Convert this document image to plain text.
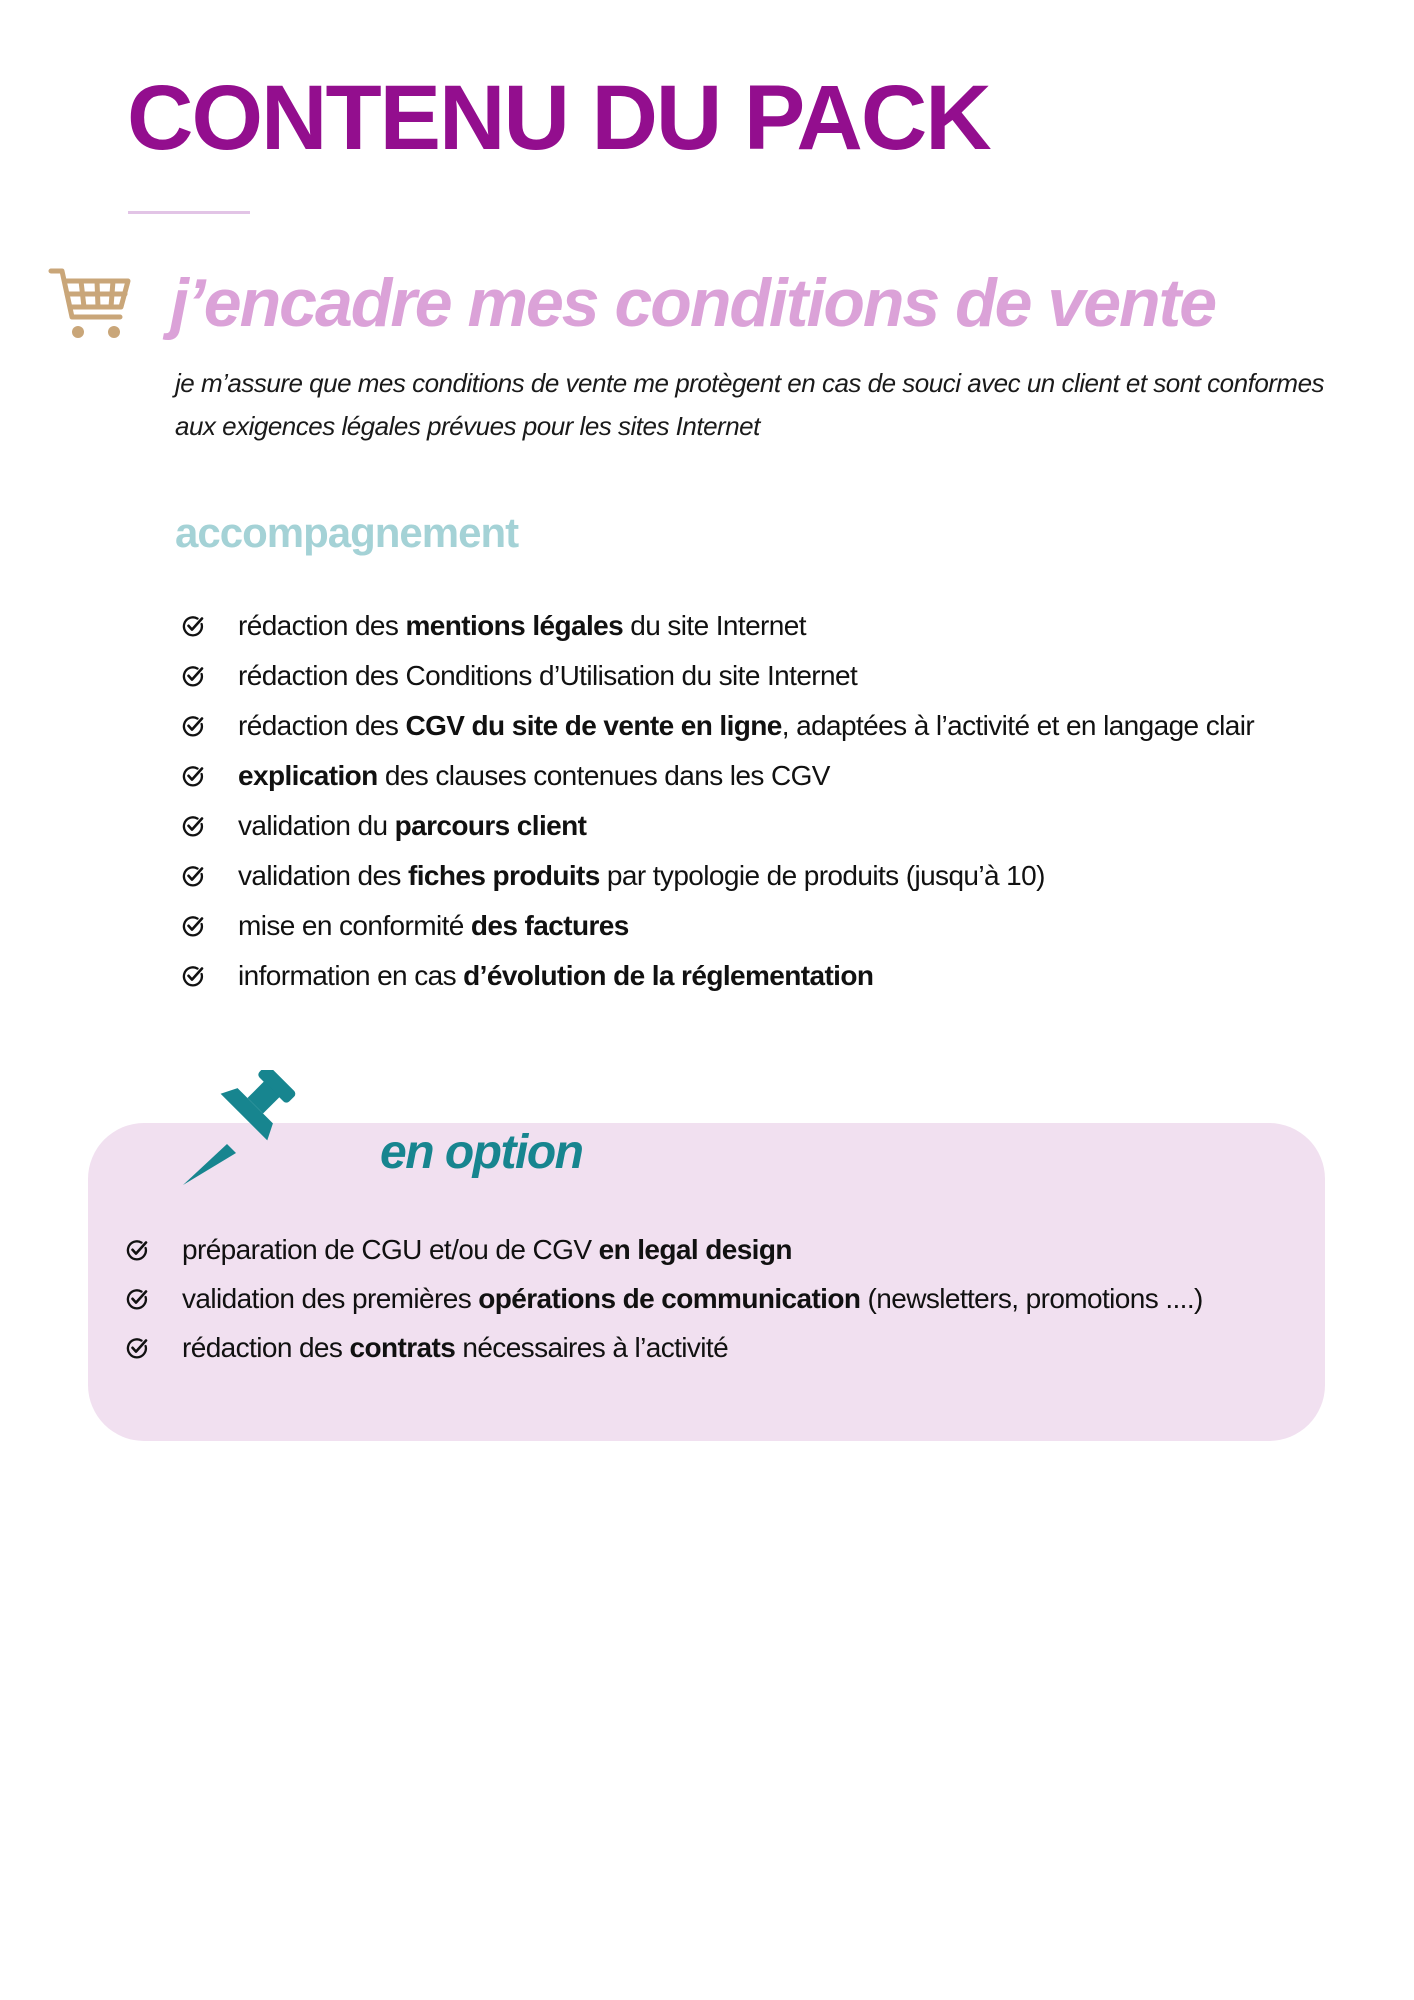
CONTENU DU PACK
j’encadre mes conditions de vente

je m’assure que mes conditions de vente me protègent en cas de souci avec un client et sont conformes aux exigences légales prévues pour les sites Internet

accompagnement
rédaction des mentions légales du site Internet
rédaction des Conditions d’Utilisation du site Internet
rédaction des CGV du site de vente en ligne , adaptées à l’activité et en langage clair
explication des clauses contenues dans les CGV
validation du parcours client
validation des fiches produits par typologie de produits (jusqu’à 10)
mise en conformité des factures
information en cas d’évolution de la réglementation
en option
préparation de CGU et/ou de CGV en legal design
validation des premières opérations de communication (newsletters, promotions ....)
rédaction des contrats nécessaires à l’activité
